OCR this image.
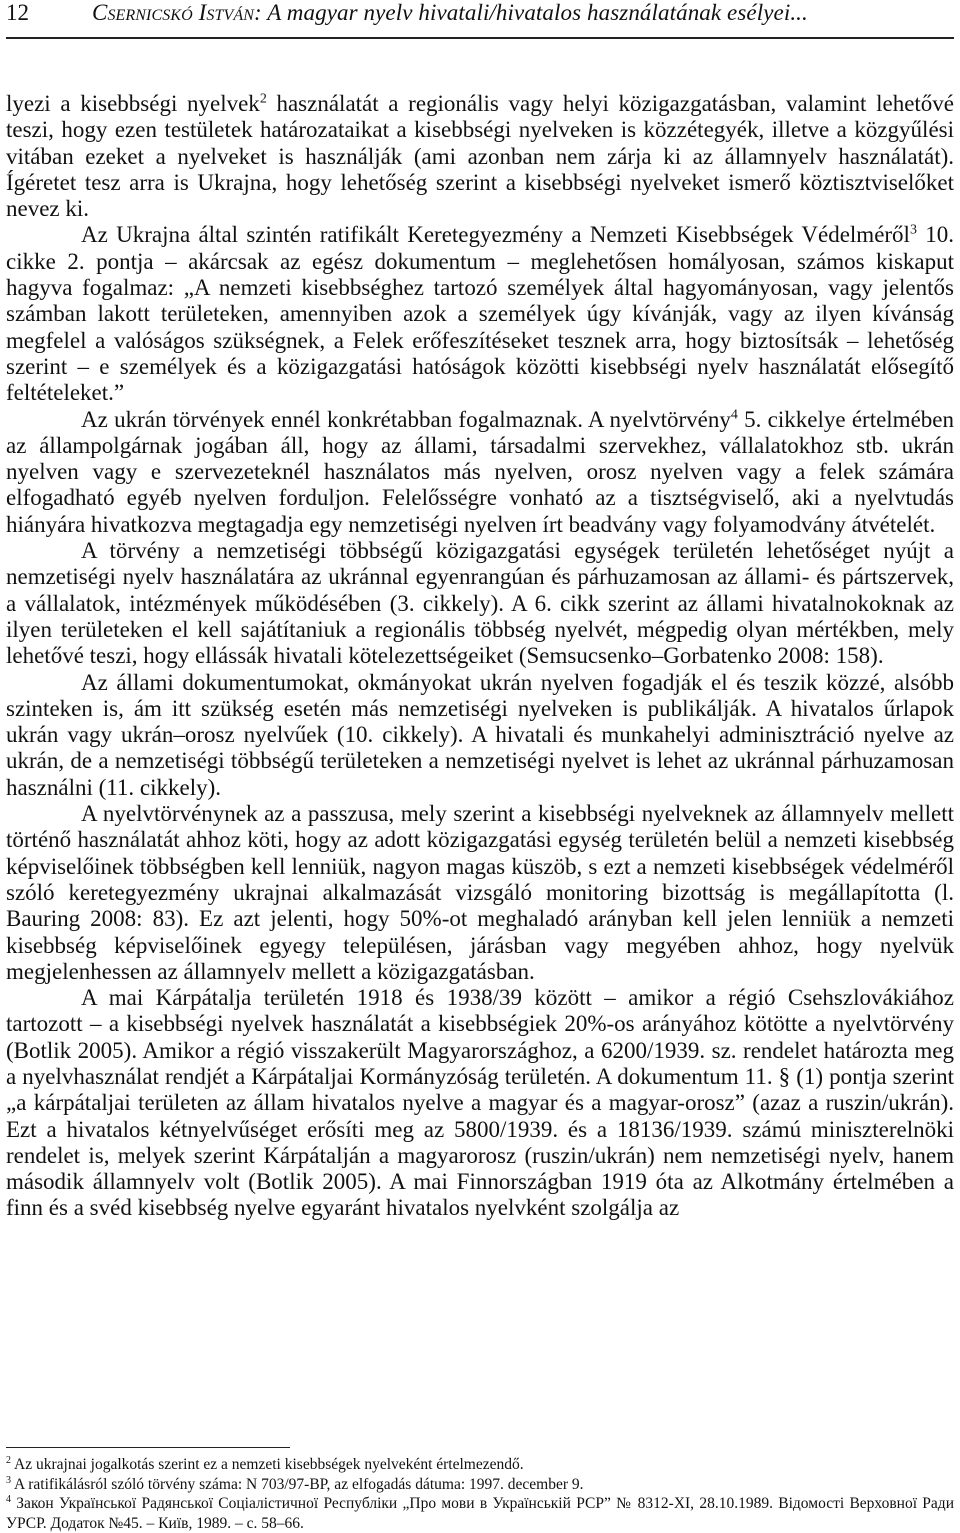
12	Csernicskó István: A magyar nyelv hivatali/hivatalos használatának esélyei...

lyezi a kisebbségi nyelvek$^2$ használatát a regionális vagy helyi közigazgatásban, valamint lehetővé teszi, hogy ezen testületek határozataikat a kisebbségi nyelveken is közzétegyék, illetve a közgyűlési vitában ezeket a nyelveket is használják (ami azonban nem zárja ki az államnyelv használatát). Ígéretet tesz arra is Ukrajna, hogy lehetőség szerint a kisebbségi nyelveket ismerő köztisztviselőket nevez ki.

Az Ukrajna által szintén ratifikált Keretegyezmény a Nemzeti Kisebbségek Védelméről$^3$ 10. cikke 2. pontja – akárcsak az egész dokumentum – meglehetősen homályosan, számos kiskaput hagyva fogalmaz: „A nemzeti kisebbséghez tartozó személyek által hagyományosan, vagy jelentős számban lakott területeken, amennyiben azok a személyek úgy kívánják, vagy az ilyen kívánság megfelel a valóságos szükségnek, a Felek erőfeszítéseket tesznek arra, hogy biztosítsák – lehetőség szerint – e személyek és a közigazgatási hatóságok közötti kisebbségi nyelv használatát elősegítő feltételeket.”

Az ukrán törvények ennél konkrétabban fogalmaznak. A nyelvtörvény$^4$ 5. cikkelye értelmében az állampolgárnak jogában áll, hogy az állami, társadalmi szervekhez, vállalatokhoz stb. ukrán nyelven vagy e szervezeteknél használatos más nyelven, orosz nyelven vagy a felek számára elfogadható egyéb nyelven forduljon. Felelősségre vonható az a tisztségviselő, aki a nyelvtudás hiányára hivatkozva megtagadja egy nemzetiségi nyelven írt beadvány vagy folyamodvány átvételét.

A törvény a nemzetiségi többségű közigazgatási egységek területén lehetőséget nyújt a nemzetiségi nyelv használatára az ukránnal egyenrangúan és párhuzamosan az állami- és pártszervek, a vállalatok, intézmények működésében (3. cikkely). A 6. cikk szerint az állami hivatalnokoknak az ilyen területeken el kell sajátítaniuk a regionális többség nyelvét, mégpedig olyan mértékben, mely lehetővé teszi, hogy ellássák hivatali kötelezettségeiket (Semsucsenko–Gorbatenko 2008: 158).

Az állami dokumentumokat, okmányokat ukrán nyelven fogadják el és teszik közzé, alsóbb szinteken is, ám itt szükség esetén más nemzetiségi nyelveken is publikálják. A hivatalos űrlapok ukrán vagy ukrán–orosz nyelvűek (10. cikkely). A hivatali és munkahelyi adminisztráció nyelve az ukrán, de a nemzetiségi többségű területeken a nemzetiségi nyelvet is lehet az ukránnal párhuzamosan használni (11. cikkely).

A nyelvtörvénynek az a passzusa, mely szerint a kisebbségi nyelveknek az államnyelv mellett történő használatát ahhoz köti, hogy az adott közigazgatási egység területén belül a nemzeti kisebbség képviselőinek többségben kell lenniük, nagyon magas küszöb, s ezt a nemzeti kisebbségek védelméről szóló keretegyezmény ukrajnai alkalmazását vizsgáló monitoring bizottság is megállapította (l. Bauring 2008: 83). Ez azt jelenti, hogy 50%-ot meghaladó arányban kell jelen lenniük a nemzeti kisebbség képviselőinek egyegy településen, járásban vagy megyében ahhoz, hogy nyelvük megjelenhessen az államnyelv mellett a közigazgatásban.

A mai Kárpátalja területén 1918 és 1938/39 között – amikor a régió Csehszlovákiához tartozott – a kisebbségi nyelvek használatát a kisebbségiek 20%-os arányához kötötte a nyelvtörvény (Botlik 2005). Amikor a régió visszakerült Magyarországhoz, a 6200/1939. sz. rendelet határozta meg a nyelvhasználat rendjét a Kárpátaljai Kormányzóság területén. A dokumentum 11. § (1) pontja szerint „a kárpátaljai területen az állam hivatalos nyelve a magyar és a magyar-orosz” (azaz a ruszin/ukrán). Ezt a hivatalos kétnyelvűséget erősíti meg az 5800/1939. és a 18136/1939. számú miniszterelnöki rendelet is, melyek szerint Kárpátalján a magyarorosz (ruszin/ukrán) nem nemzetiségi nyelv, hanem második államnyelv volt (Botlik 2005). A mai Finnországban 1919 óta az Alkotmány értelmében a finn és a svéd kisebbség nyelve egyaránt hivatalos nyelvként szolgálja az

$^2$ Az ukrajnai jogalkotás szerint ez a nemzeti kisebbségek nyelveként értelmezendő.

$^3$ A ratifikálásról szóló törvény száma: N 703/97-BP, az elfogadás dátuma: 1997. december 9.

$^4$ Закон Української Радянської Соціалістичної Республіки „Про мови в Українській РСР” № 8312-XI, 28.10.1989. Відомості Верховної Ради УРСР. Додаток №45. – Київ, 1989. – с. 58–66.
